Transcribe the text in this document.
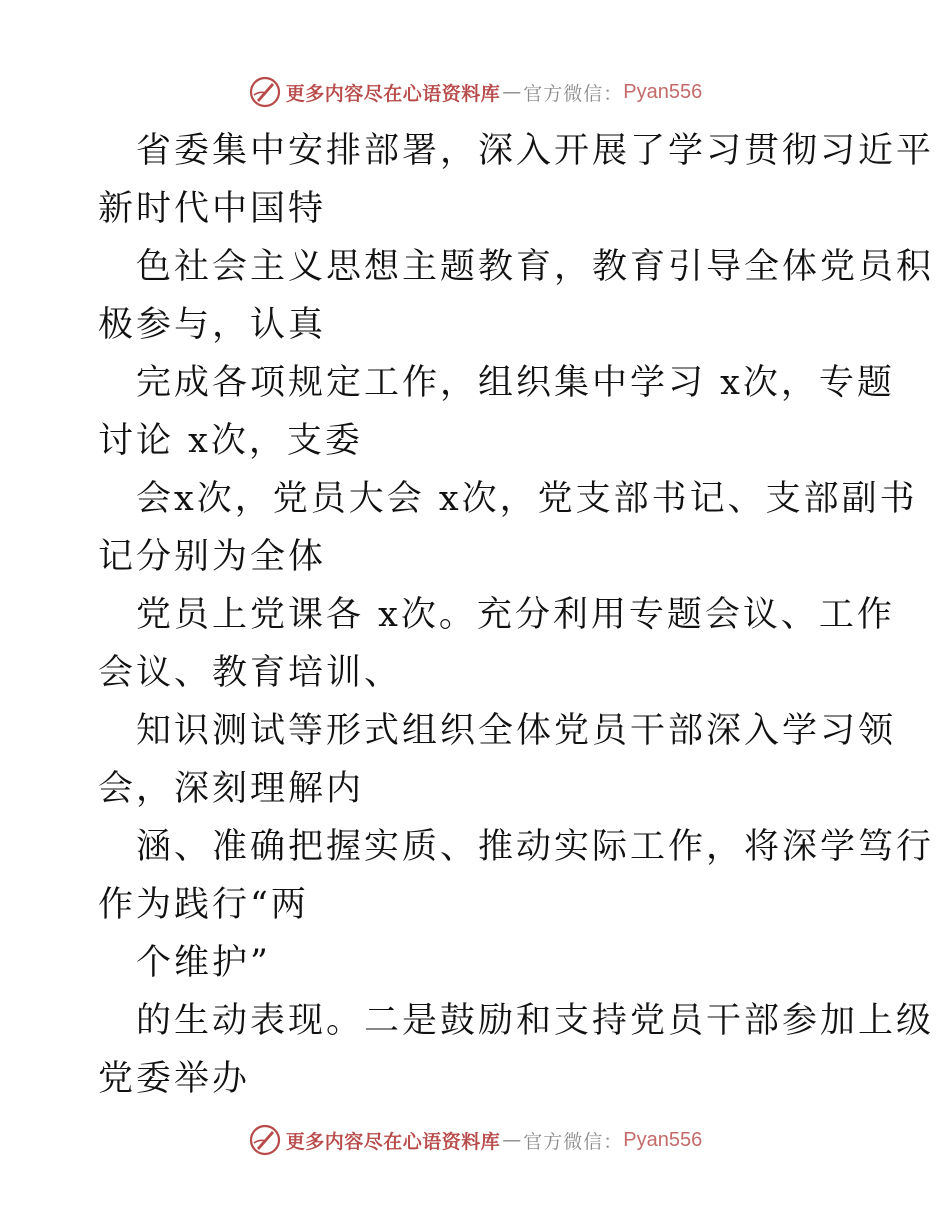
更多内容尽在心语资料库 — 官方微信： Pyan556
省委集中安排部署，深入开展了学习贯彻习近平
新时代中国特
色社会主义思想主题教育，教育引导全体党员积
极参与，认真
完成各项规定工作，组织集中学习 x次，专题
讨论 x次，支委
会x次，党员大会 x次，党支部书记、支部副书
记分别为全体
党员上党课各 x次。充分利用专题会议、工作
会议、教育培训、
知识测试等形式组织全体党员干部深入学习领
会，深刻理解内
涵、准确把握实质、推动实际工作，将深学笃行
作为践行“两
个维护”
的生动表现。二是鼓励和支持党员干部参加上级
党委举办
更多内容尽在心语资料库 — 官方微信： Pyan556
